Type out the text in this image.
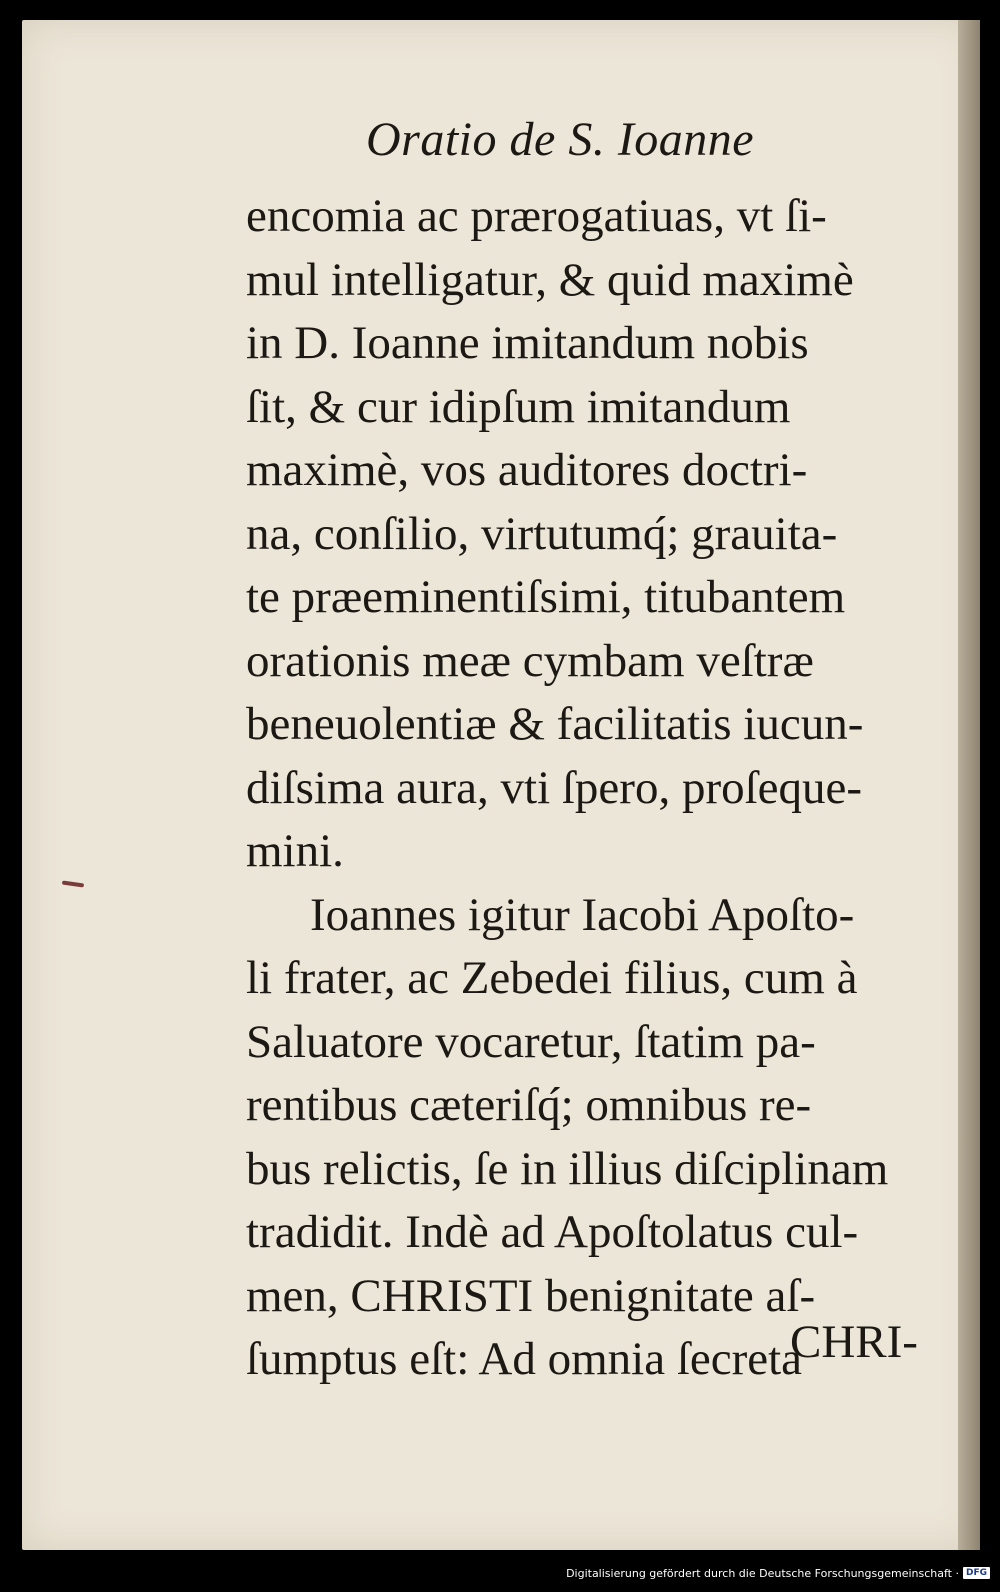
Oratio de S. Ioanne
encomia ac prærogatiuas, vt ſi-
mul intelligatur, & quid maximè
in D. Ioanne imitandum nobis
ſit, & cur idipſum imitandum
maximè, vos auditores doctri-
na, conſilio, virtutumq́; grauita-
te præeminentiſsimi, titubantem
orationis meæ cymbam veſtræ
beneuolentiæ & facilitatis iucun-
diſsima aura, vti ſpero, proſeque-
mini.
Ioannes igitur Iacobi Apoſto-
li frater, ac Zebedei filius, cum à
Saluatore vocaretur, ſtatim pa-
rentibus cæteriſq́; omnibus re-
bus relictis, ſe in illius diſciplinam
tradidit. Indè ad Apoſtolatus cul-
men, CHRISTI benignitate aſ-
ſumptus eſt: Ad omnia ſecreta
CHRI-
Digitalisierung gefördert durch die Deutsche Forschungsgemeinschaft · DFG
